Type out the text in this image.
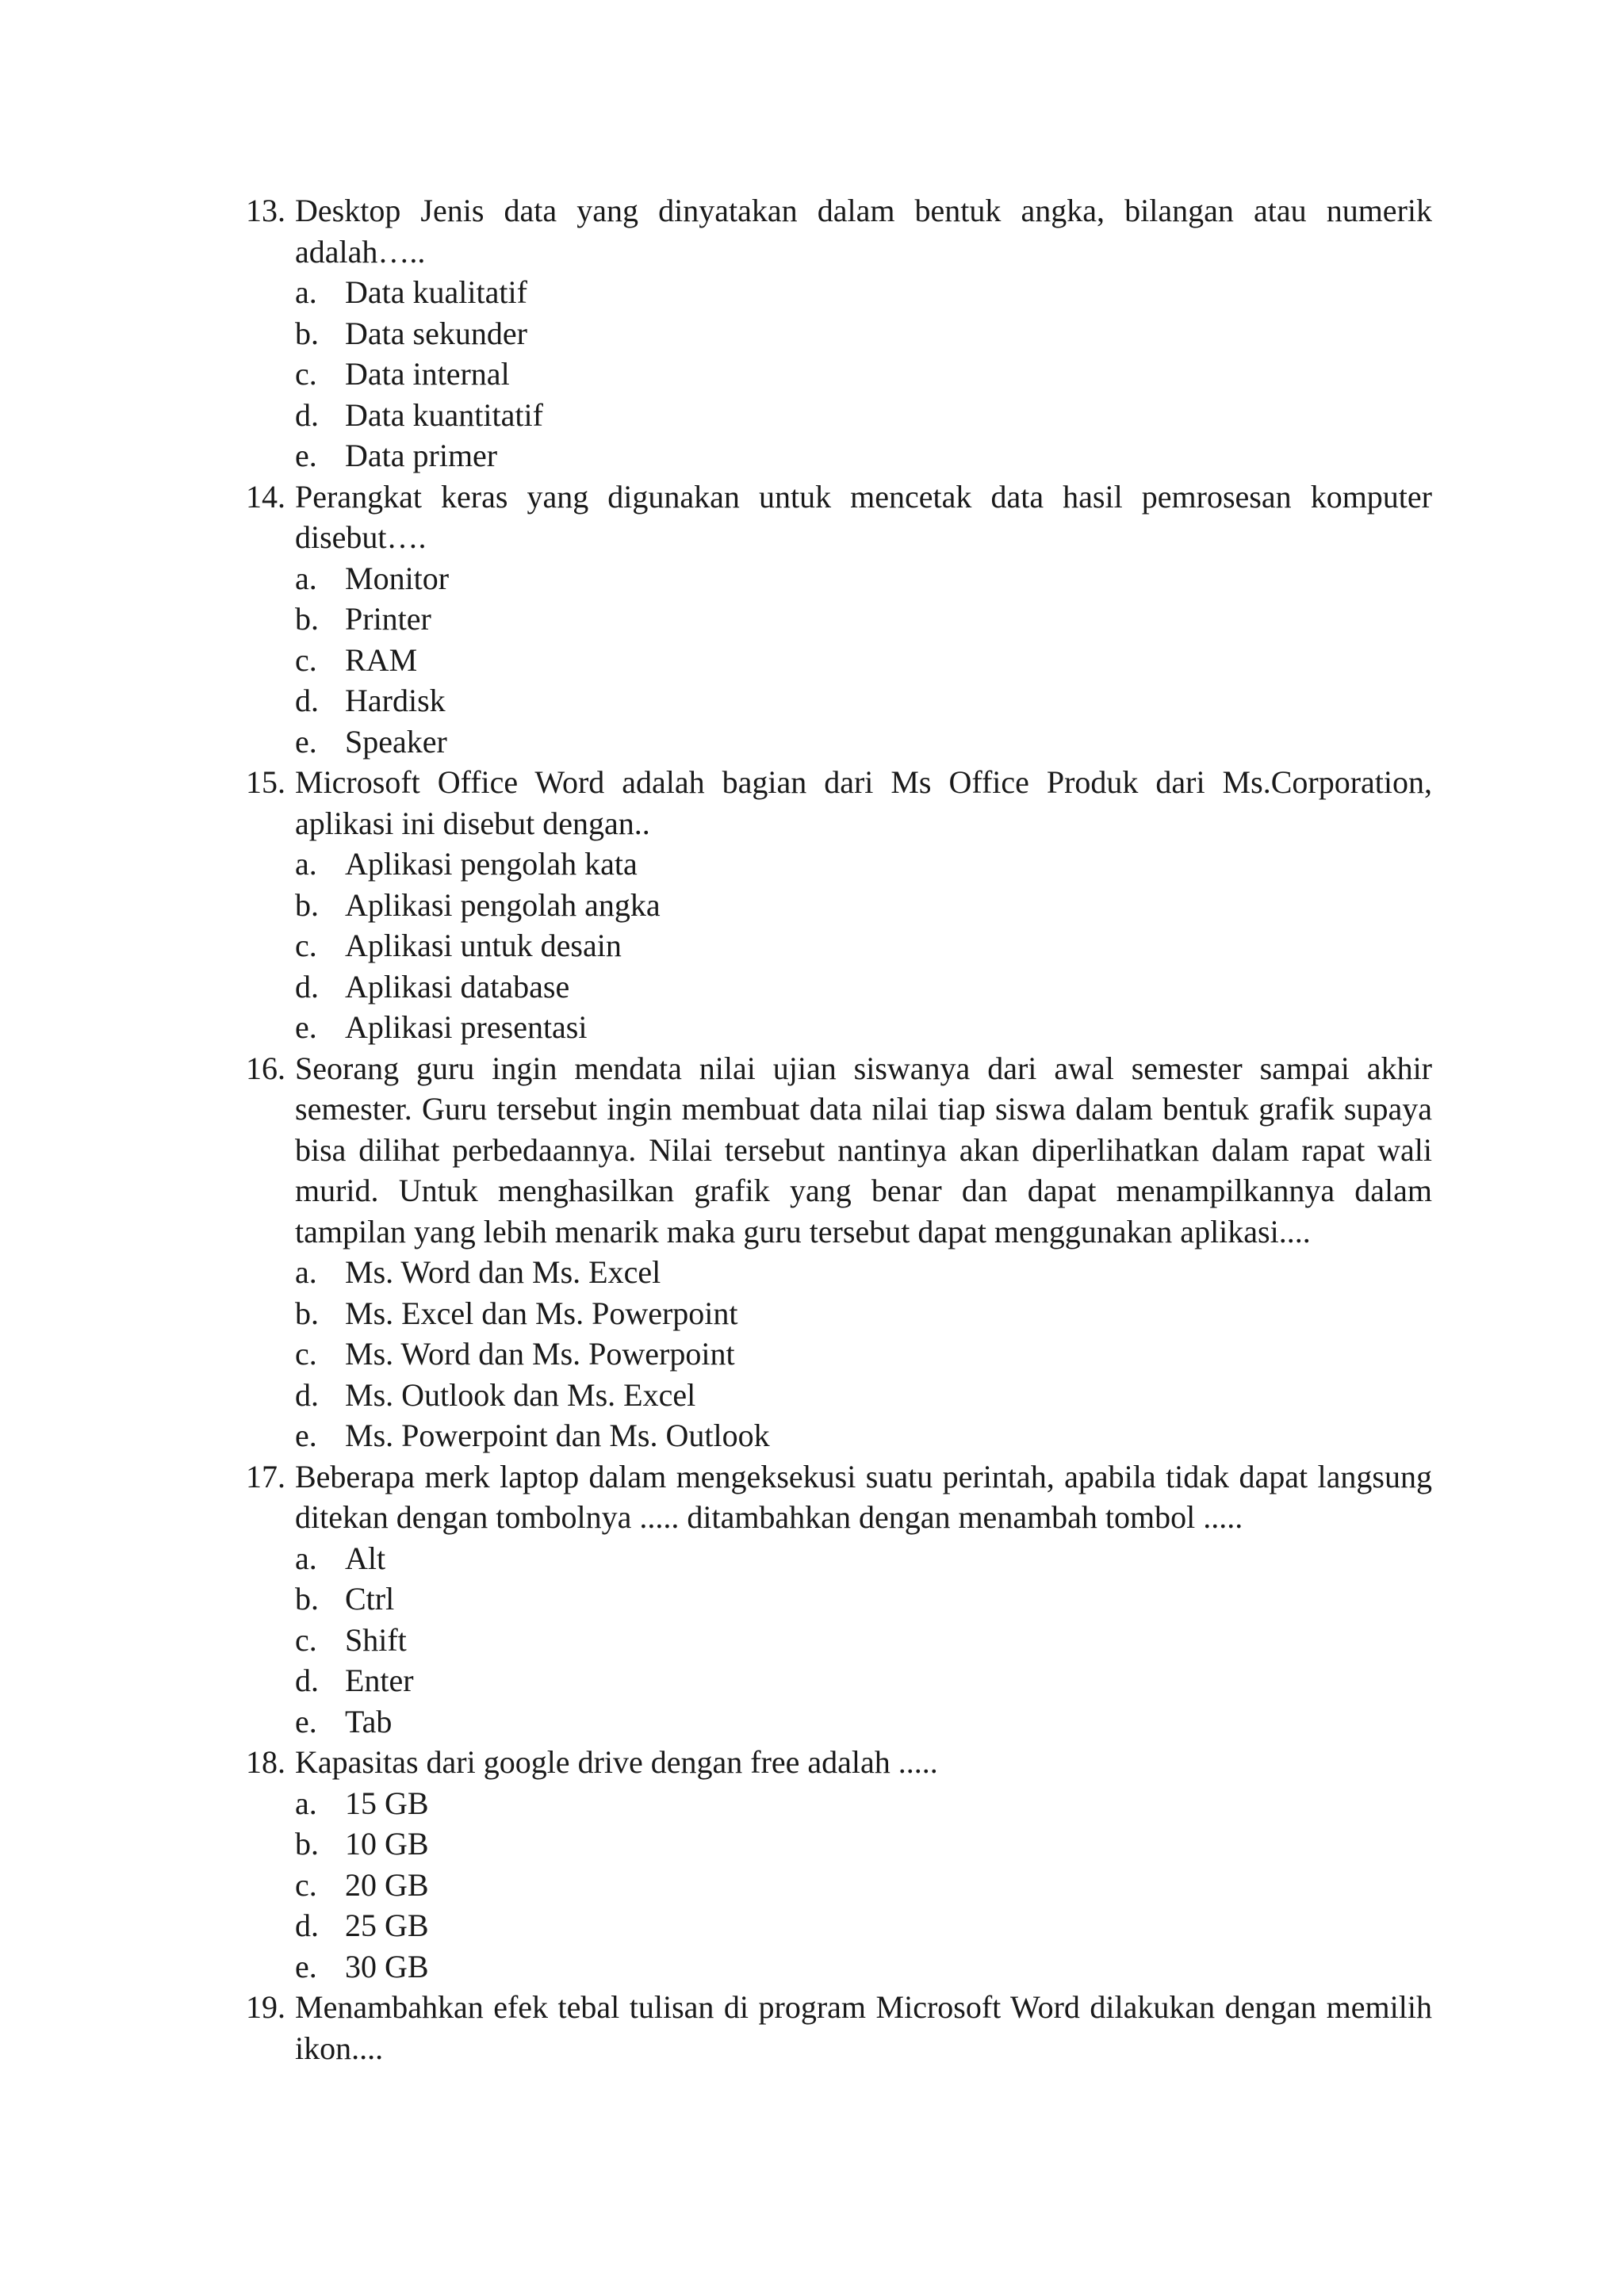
13. Desktop Jenis data yang dinyatakan dalam bentuk angka, bilangan atau numerik adalah…..

a. Data kualitatif
b. Data sekunder
c. Data internal
d. Data kuantitatif
e. Data primer
14. Perangkat keras yang digunakan untuk mencetak data hasil pemrosesan komputer disebut….

a. Monitor
b. Printer
c. RAM
d. Hardisk
e. Speaker
15. Microsoft Office Word adalah bagian dari Ms Office Produk dari Ms.Corporation, aplikasi ini disebut dengan..

a. Aplikasi pengolah kata
b. Aplikasi pengolah angka
c. Aplikasi untuk desain
d. Aplikasi database
e. Aplikasi presentasi
16. Seorang guru ingin mendata nilai ujian siswanya dari awal semester sampai akhir semester. Guru tersebut ingin membuat data nilai tiap siswa dalam bentuk grafik supaya bisa dilihat perbedaannya. Nilai tersebut nantinya akan diperlihatkan dalam rapat wali murid. Untuk menghasilkan grafik yang benar dan dapat menampilkannya dalam tampilan yang lebih menarik maka guru tersebut dapat menggunakan aplikasi....

a. Ms. Word dan Ms. Excel
b. Ms. Excel dan Ms. Powerpoint
c. Ms. Word dan Ms. Powerpoint
d. Ms. Outlook dan Ms. Excel
e. Ms. Powerpoint dan Ms. Outlook
17. Beberapa merk laptop dalam mengeksekusi suatu perintah, apabila tidak dapat langsung ditekan dengan tombolnya ..... ditambahkan dengan menambah tombol .....

a. Alt
b. Ctrl
c. Shift
d. Enter
e. Tab
18. Kapasitas dari google drive dengan free adalah .....

a. 15 GB
b. 10 GB
c. 20 GB
d. 25 GB
e. 30 GB
19. Menambahkan efek tebal tulisan di program Microsoft Word dilakukan dengan memilih ikon....
